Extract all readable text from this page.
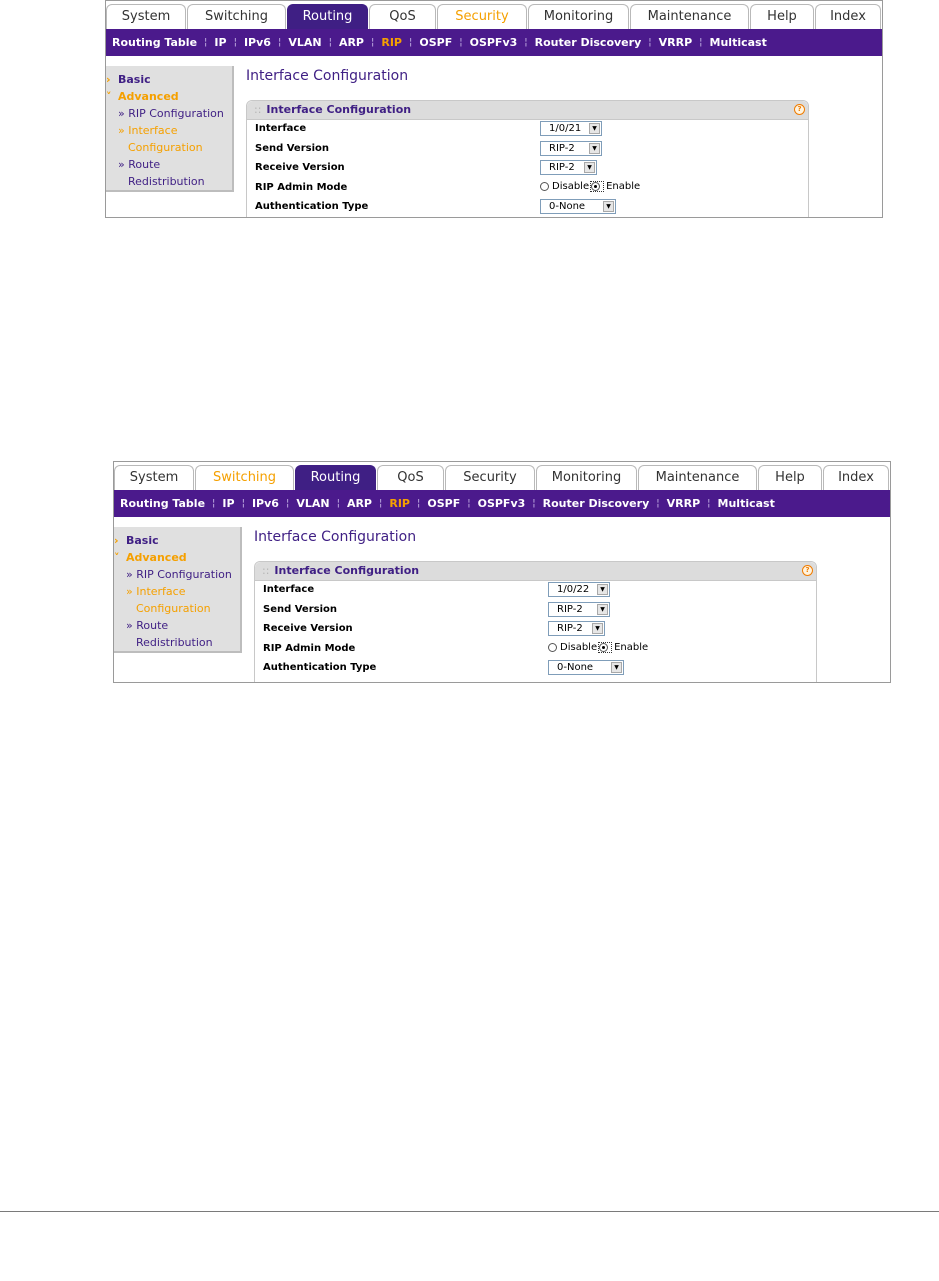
System	Switching	Routing	QoS	Security	Monitoring	Maintenance	Help	Index
Routing Table ¦ IP ¦ IPv6 ¦ VLAN ¦ ARP ¦ RIP ¦ OSPF ¦ OSPFv3 ¦ Router Discovery ¦ VRRP ¦ Multicast
› Basic
˅ Advanced
» RIP Configuration
» Interface
Configuration
» Route
Redistribution
Interface Configuration
:: Interface Configuration	?
Interface	1/0/21	▼
Send Version	RIP-2	▼
Receive Version	RIP-2	▼
RIP Admin Mode	Disable Enable
Authentication Type	0-None	▼
System	Switching	Routing	QoS	Security	Monitoring	Maintenance	Help	Index
Routing Table ¦ IP ¦ IPv6 ¦ VLAN ¦ ARP ¦ RIP ¦ OSPF ¦ OSPFv3 ¦ Router Discovery ¦ VRRP ¦ Multicast
› Basic
˅ Advanced
» RIP Configuration
» Interface
Configuration
» Route
Redistribution
Interface Configuration
:: Interface Configuration	?
Interface	1/0/22	▼
Send Version	RIP-2	▼
Receive Version	RIP-2	▼
RIP Admin Mode	Disable Enable
Authentication Type	0-None	▼
